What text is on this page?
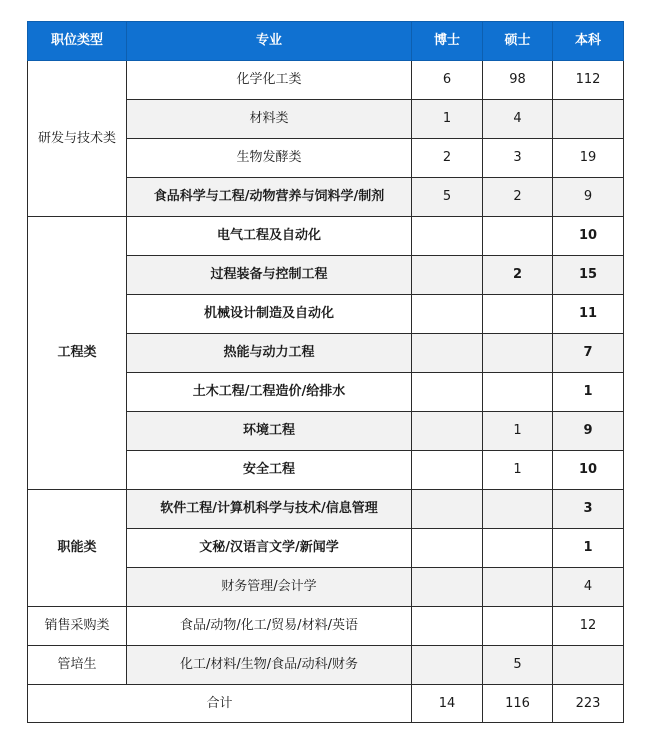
职位类型	专业	博士	硕士	本科
研发与技术类	化学化工类	6	98	112
	材料类	1	4	
	生物发酵类	2	3	19
	食品科学与工程/动物营养与饲料学/制剂	5	2	9
工程类	电气工程及自动化			10
	过程装备与控制工程		2	15
	机械设计制造及自动化			11
	热能与动力工程			7
	土木工程/工程造价/给排水			1
	环境工程		1	9
	安全工程		1	10
职能类	软件工程/计算机科学与技术/信息管理			3
	文秘/汉语言文学/新闻学			1
	财务管理/会计学			4
销售采购类	食品/动物/化工/贸易/材料/英语			12
管培生	化工/材料/生物/食品/动科/财务		5	
合计		14	116	223
